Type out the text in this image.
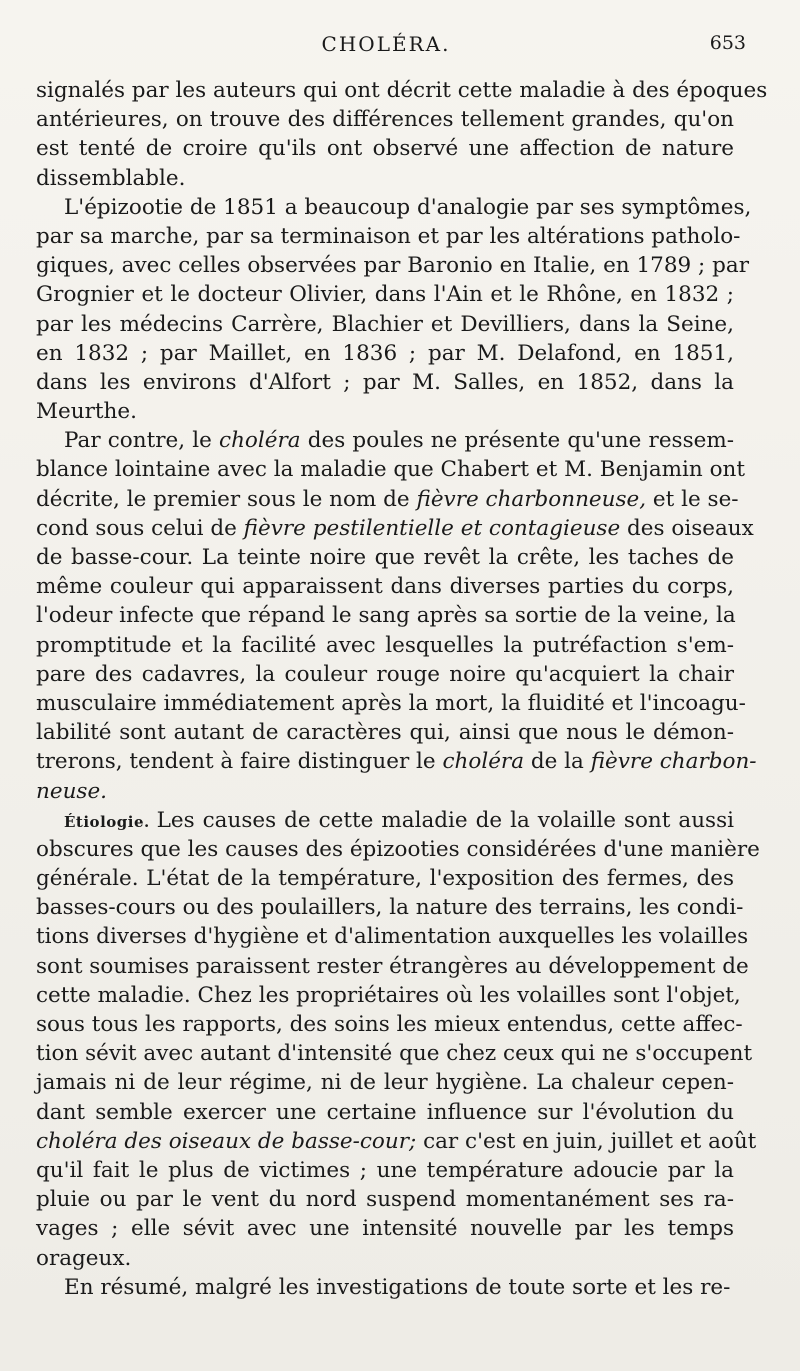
CHOLÉRA.	653
signalés par les auteurs qui ont décrit cette maladie à des époques
antérieures, on trouve des différences tellement grandes, qu'on
est tenté de croire qu'ils ont observé une affection de nature
dissemblable.
L'épizootie de 1851 a beaucoup d'analogie par ses symptômes,
par sa marche, par sa terminaison et par les altérations patholo-
giques, avec celles observées par Baronio en Italie, en 1789 ; par
Grognier et le docteur Olivier, dans l'Ain et le Rhône, en 1832 ;
par les médecins Carrère, Blachier et Devilliers, dans la Seine,
en 1832 ; par Maillet, en 1836 ; par M. Delafond, en 1851,
dans les environs d'Alfort ; par M. Salles, en 1852, dans la
Meurthe.
Par contre, le choléra des poules ne présente qu'une ressem-
blance lointaine avec la maladie que Chabert et M. Benjamin ont
décrite, le premier sous le nom de fièvre charbonneuse, et le se-
cond sous celui de fièvre pestilentielle et contagieuse des oiseaux
de basse-cour. La teinte noire que revêt la crête, les taches de
même couleur qui apparaissent dans diverses parties du corps,
l'odeur infecte que répand le sang après sa sortie de la veine, la
promptitude et la facilité avec lesquelles la putréfaction s'em-
pare des cadavres, la couleur rouge noire qu'acquiert la chair
musculaire immédiatement après la mort, la fluidité et l'incoagu-
labilité sont autant de caractères qui, ainsi que nous le démon-
trerons, tendent à faire distinguer le choléra de la fièvre charbon-
neuse.
Étiologie. Les causes de cette maladie de la volaille sont aussi
obscures que les causes des épizooties considérées d'une manière
générale. L'état de la température, l'exposition des fermes, des
basses-cours ou des poulaillers, la nature des terrains, les condi-
tions diverses d'hygiène et d'alimentation auxquelles les volailles
sont soumises paraissent rester étrangères au développement de
cette maladie. Chez les propriétaires où les volailles sont l'objet,
sous tous les rapports, des soins les mieux entendus, cette affec-
tion sévit avec autant d'intensité que chez ceux qui ne s'occupent
jamais ni de leur régime, ni de leur hygiène. La chaleur cepen-
dant semble exercer une certaine influence sur l'évolution du
choléra des oiseaux de basse-cour; car c'est en juin, juillet et août
qu'il fait le plus de victimes ; une température adoucie par la
pluie ou par le vent du nord suspend momentanément ses ra-
vages ; elle sévit avec une intensité nouvelle par les temps
orageux.
En résumé, malgré les investigations de toute sorte et les re-
